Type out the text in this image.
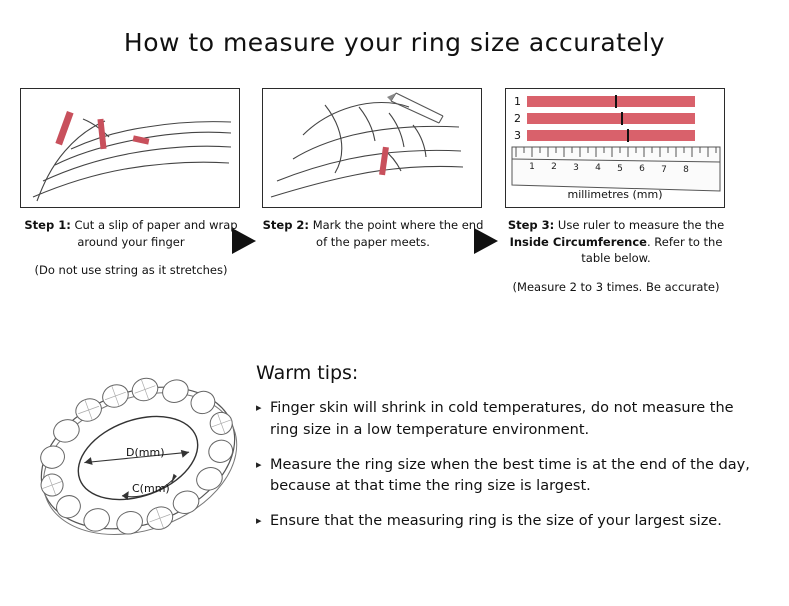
How to measure your ring size accurately
Step 1: Cut a slip of paper and wrap around your finger
(Do not use string as it stretches)
Step 2: Mark the point where the end of the paper meets.
1
2
3
1 2 3 4 5 6 7 8
millimetres (mm)
Step 3: Use ruler to measure the the Inside Circumference. Refer to the table below.
(Measure 2 to 3 times. Be accurate)
D(mm)
C(mm)
Warm tips:
▸ Finger skin will shrink in cold temperatures, do not measure the ring size in a low temperature environment.
▸ Measure the ring size when the best time is at the end of the day, because at that time the ring size is largest.
▸ Ensure that the measuring ring is the size of your largest size.
